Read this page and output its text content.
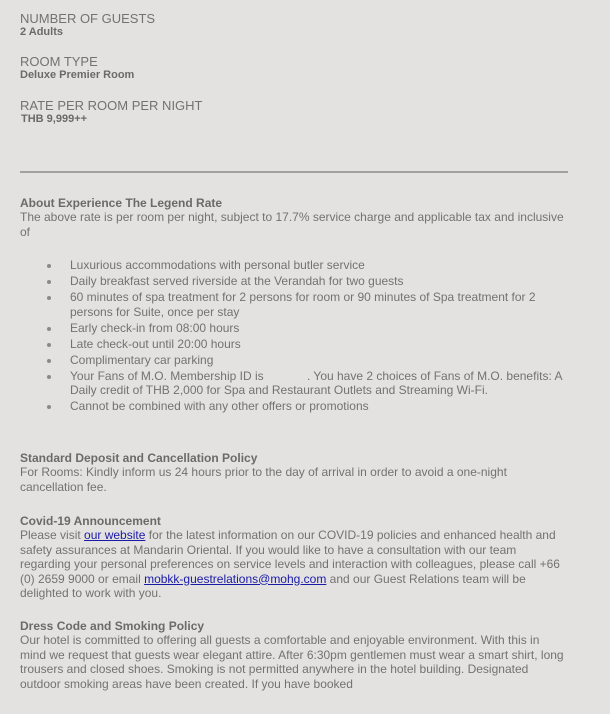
NUMBER OF GUESTS
2 Adults
ROOM TYPE
Deluxe Premier Room
RATE PER ROOM PER NIGHT
THB 9,999++
About Experience The Legend Rate
The above rate is per room per night, subject to 17.7% service charge and applicable tax and inclusive of
Luxurious accommodations with personal butler service
Daily breakfast served riverside at the Verandah for two guests
60 minutes of spa treatment for 2 persons for room or 90 minutes of Spa treatment for 2 persons for Suite, once per stay
Early check-in from 08:00 hours
Late check-out until 20:00 hours
Complimentary car parking
Your Fans of M.O. Membership ID is             . You have 2 choices of Fans of M.O. benefits: A Daily credit of THB 2,000 for Spa and Restaurant Outlets and Streaming Wi-Fi.
Cannot be combined with any other offers or promotions
Standard Deposit and Cancellation Policy
For Rooms: Kindly inform us 24 hours prior to the day of arrival in order to avoid a one-night cancellation fee.
Covid-19 Announcement
Please visit our website for the latest information on our COVID-19 policies and enhanced health and safety assurances at Mandarin Oriental. If you would like to have a consultation with our team regarding your personal preferences on service levels and interaction with colleagues, please call +66 (0) 2659 9000 or email mobkk-guestrelations@mohg.com and our Guest Relations team will be delighted to work with you.
Dress Code and Smoking Policy
Our hotel is committed to offering all guests a comfortable and enjoyable environment. With this in mind we request that guests wear elegant attire. After 6:30pm gentlemen must wear a smart shirt, long trousers and closed shoes. Smoking is not permitted anywhere in the hotel building. Designated outdoor smoking areas have been created. If you have booked
